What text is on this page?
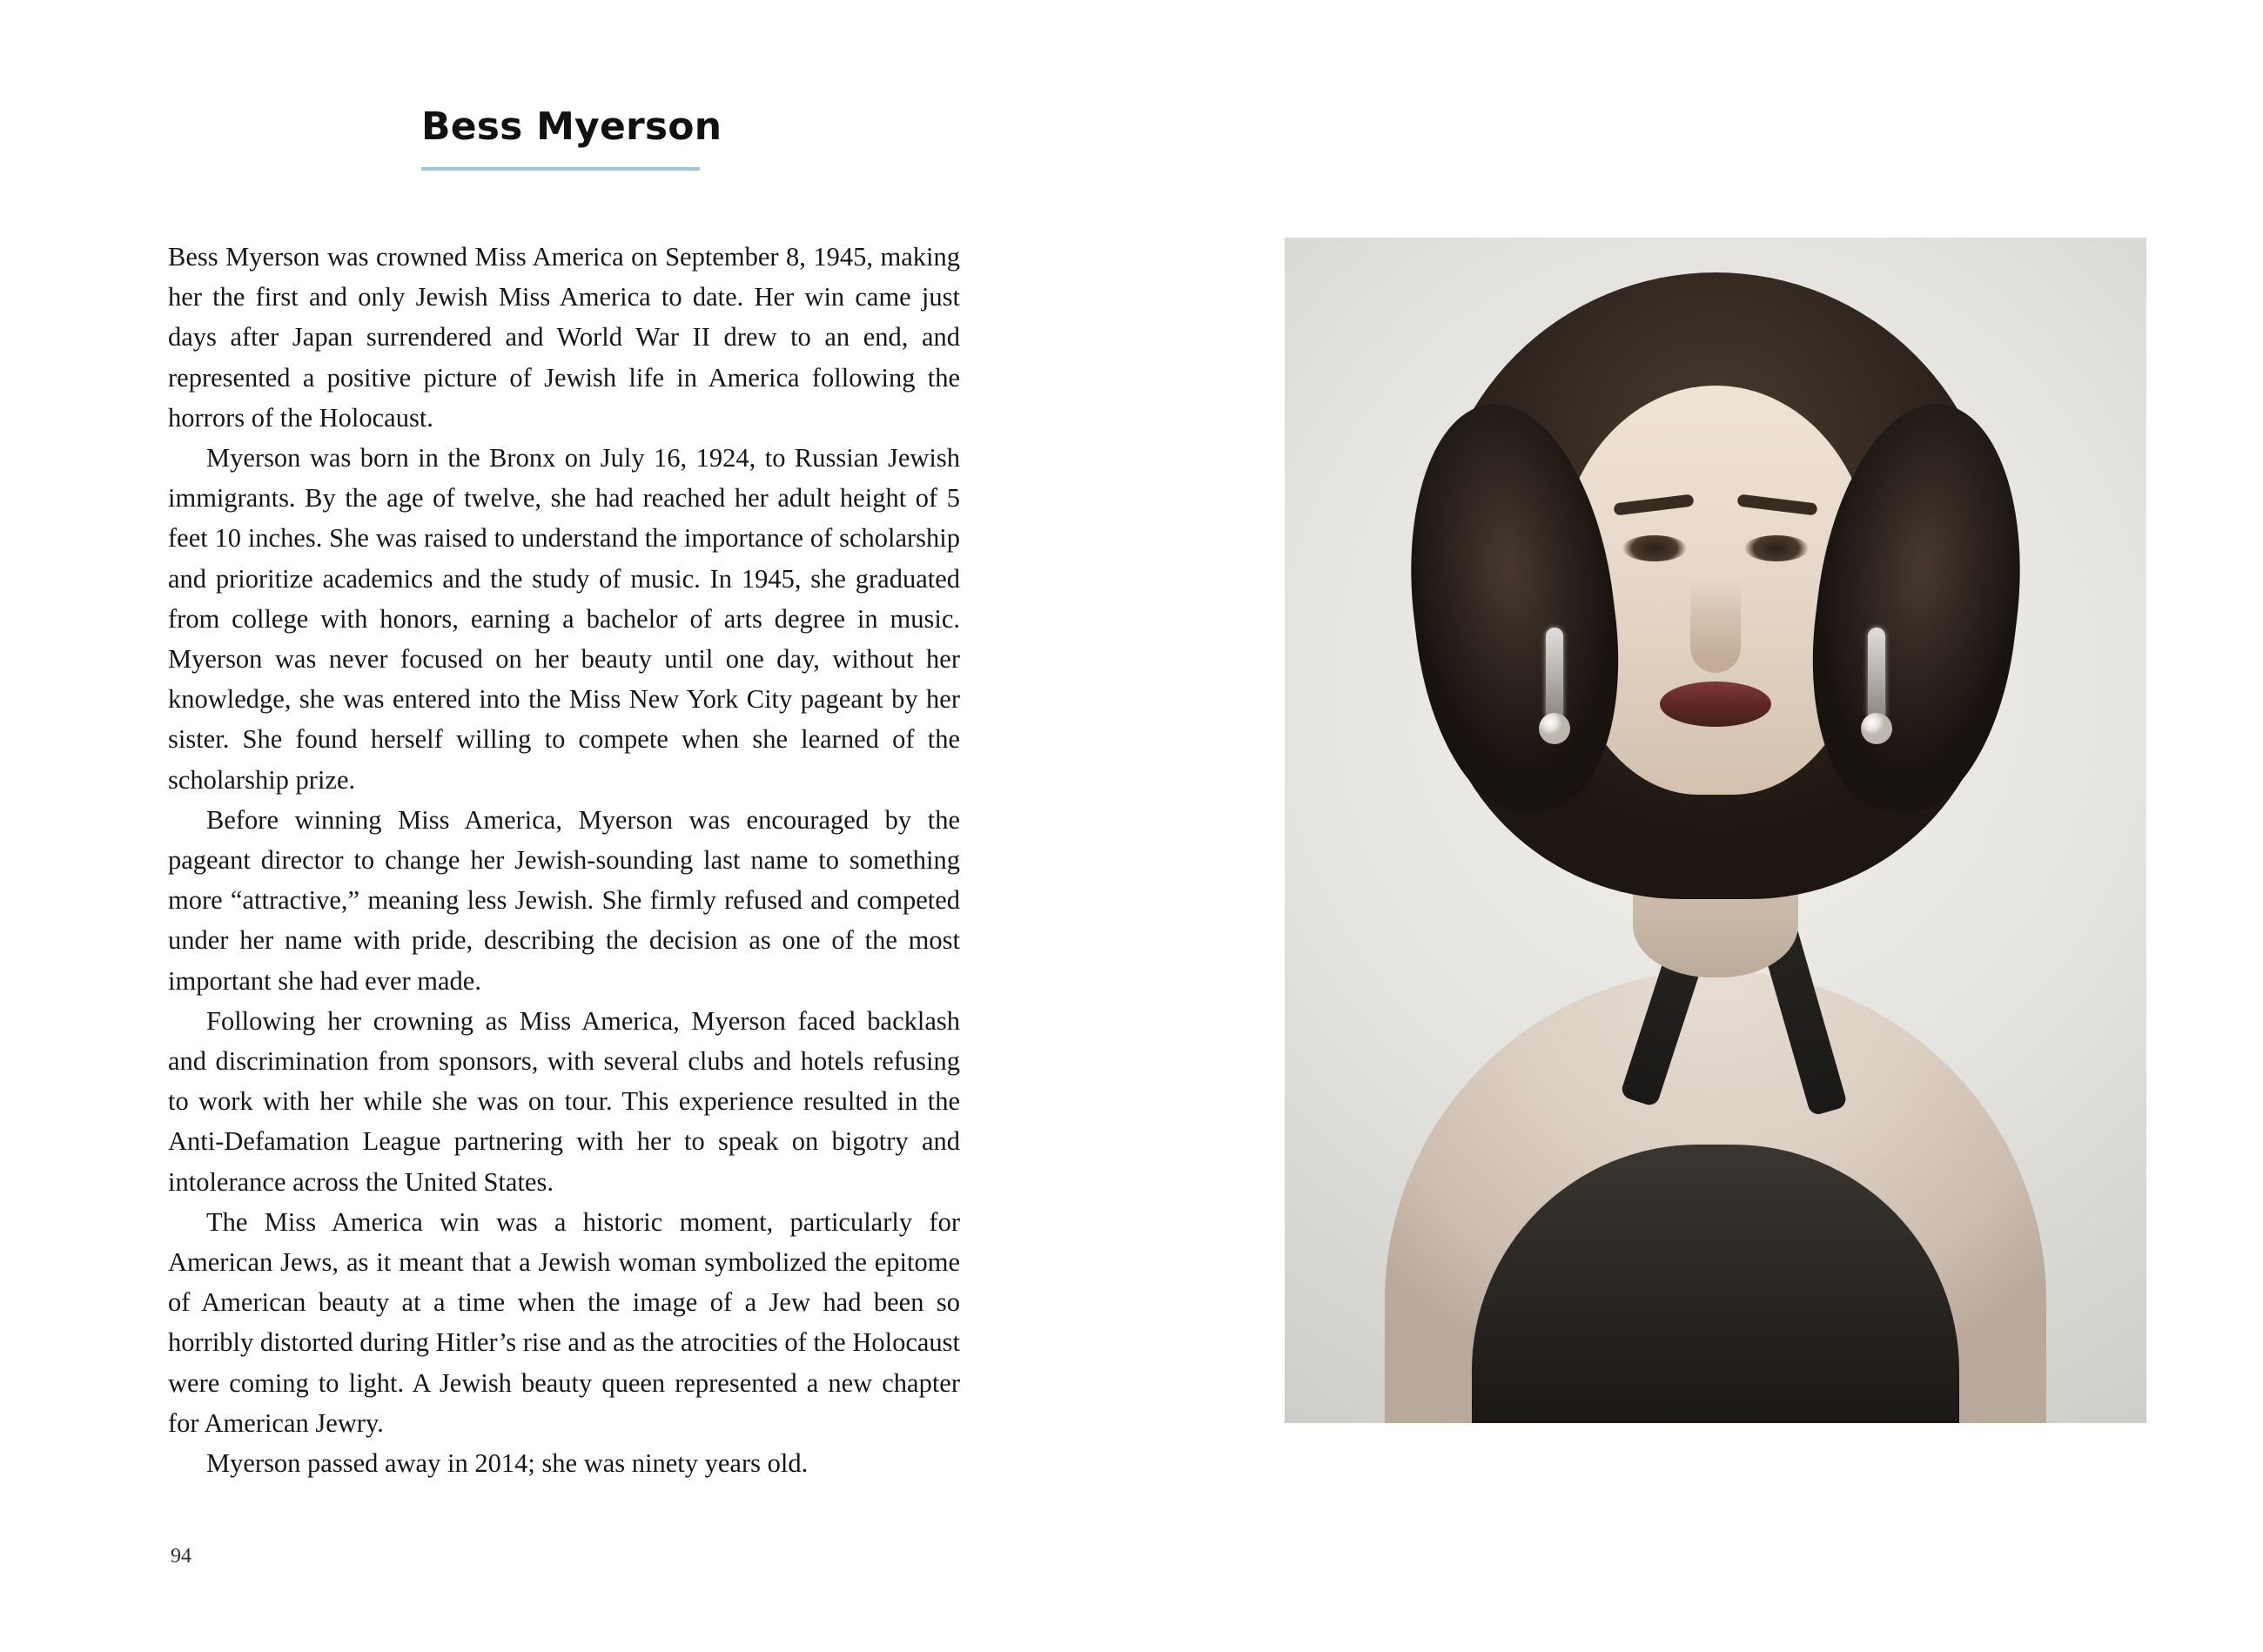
Bess Myerson

Bess Myerson was crowned Miss America on September 8, 1945, making her the first and only Jewish Miss America to date. Her win came just days after Japan surrendered and World War II drew to an end, and represented a positive picture of Jewish life in America following the horrors of the Holocaust.

Myerson was born in the Bronx on July 16, 1924, to Russian Jewish immigrants. By the age of twelve, she had reached her adult height of 5 feet 10 inches. She was raised to understand the importance of scholarship and prioritize academics and the study of music. In 1945, she graduated from college with honors, earning a bachelor of arts degree in music. Myerson was never focused on her beauty until one day, without her knowledge, she was entered into the Miss New York City pageant by her sister. She found herself willing to compete when she learned of the scholarship prize.

Before winning Miss America, Myerson was encouraged by the pageant director to change her Jewish-sounding last name to something more “attractive,” meaning less Jewish. She firmly refused and competed under her name with pride, describing the decision as one of the most important she had ever made.

Following her crowning as Miss America, Myerson faced backlash and discrimination from sponsors, with several clubs and hotels refusing to work with her while she was on tour. This experience resulted in the Anti-Defamation League partnering with her to speak on bigotry and intolerance across the United States.

The Miss America win was a historic moment, particularly for American Jews, as it meant that a Jewish woman symbolized the epitome of American beauty at a time when the image of a Jew had been so horribly distorted during Hitler’s rise and as the atrocities of the Holocaust were coming to light. A Jewish beauty queen represented a new chapter for American Jewry.

Myerson passed away in 2014; she was ninety years old.

94
